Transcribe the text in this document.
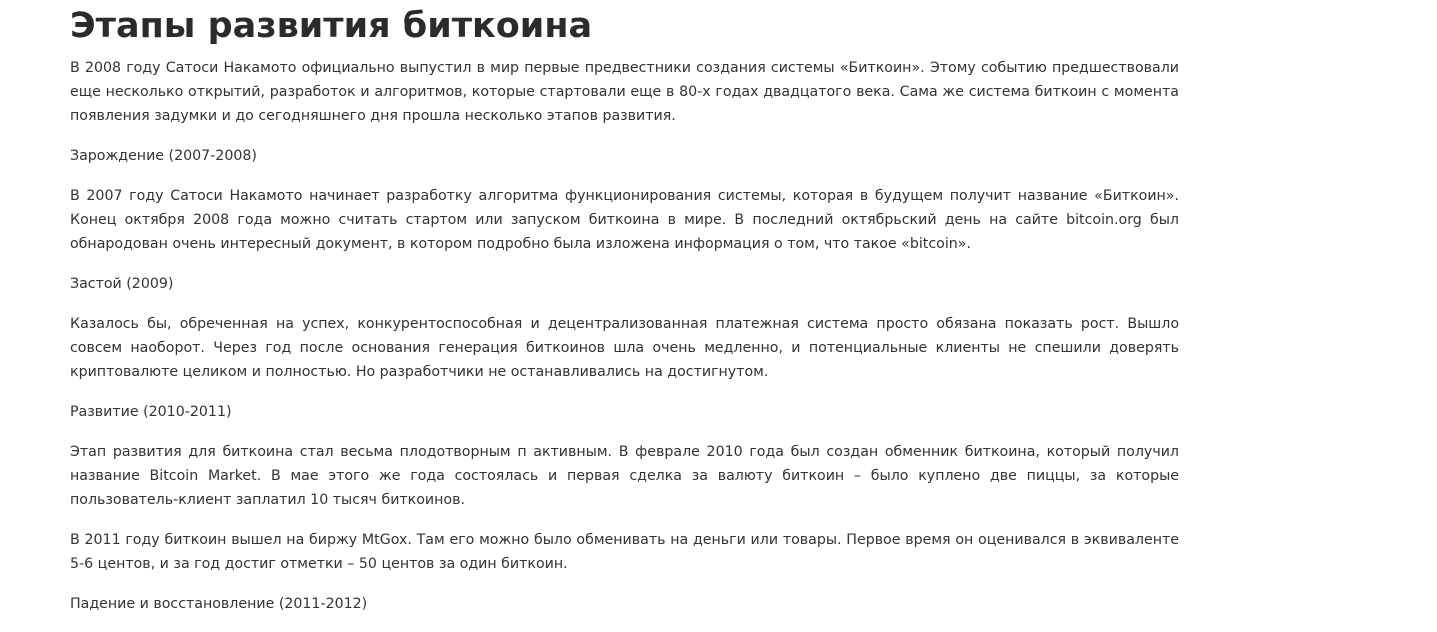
Этапы развития биткоина

В 2008 году Сатоси Накамото официально выпустил в мир первые предвестники создания системы «Биткоин». Этому событию предшествовали еще несколько открытий, разработок и алгоритмов, которые стартовали еще в 80-х годах двадцатого века. Сама же система биткоин с момента появления задумки и до сегодняшнего дня прошла несколько этапов развития.

Зарождение (2007-2008)

В 2007 году Сатоси Накамото начинает разработку алгоритма функционирования системы, которая в будущем получит название «Биткоин». Конец октября 2008 года можно считать стартом или запуском биткоина в мире. В последний октябрьский день на сайте bitcoin.org был обнародован очень интересный документ, в котором подробно была изложена информация о том, что такое «bitcoin».

Застой (2009)

Казалось бы, обреченная на успех, конкурентоспособная и децентрализованная платежная система просто обязана показать рост. Вышло совсем наоборот. Через год после основания генерация биткоинов шла очень медленно, и потенциальные клиенты не спешили доверять криптовалюте целиком и полностью. Но разработчики не останавливались на достигнутом.

Развитие (2010-2011)

Этап развития для биткоина стал весьма плодотворным п активным. В феврале 2010 года был создан обменник биткоина, который получил название Bitcoin Market. В мае этого же года состоялась и первая сделка за валюту биткоин – было куплено две пиццы, за которые пользователь-клиент заплатил 10 тысяч биткоинов.

В 2011 году биткоин вышел на биржу MtGox. Там его можно было обменивать на деньги или товары. Первое время он оценивался в эквиваленте 5-6 центов, и за год достиг отметки – 50 центов за один биткоин.

Падение и восстановление (2011-2012)
